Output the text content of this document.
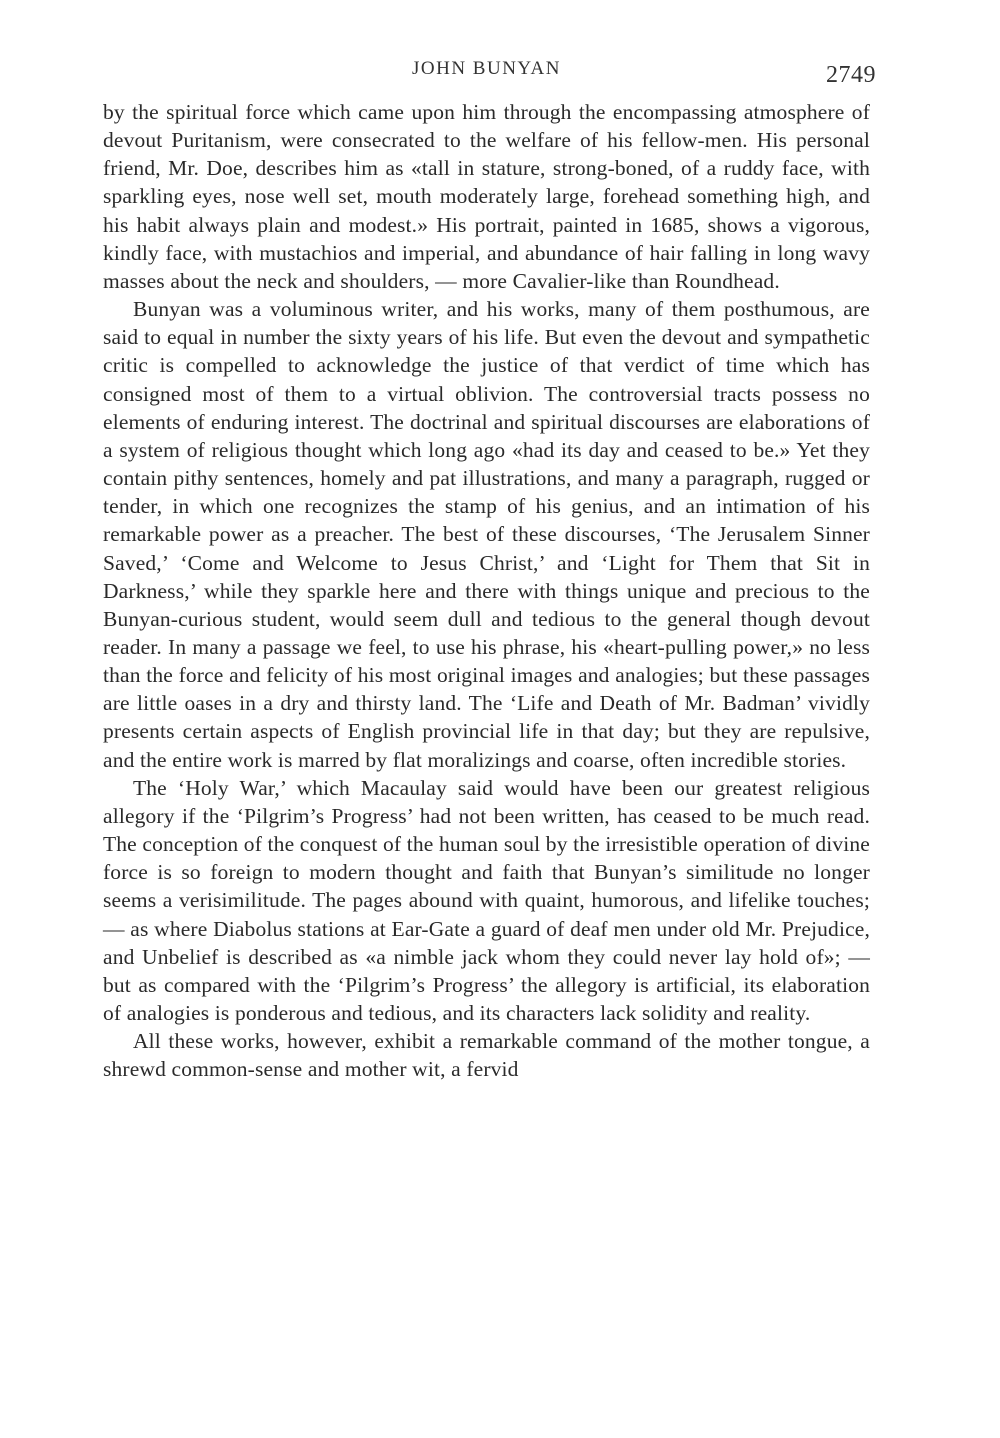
JOHN BUNYAN	2749

by the spiritual force which came upon him through the encompassing atmosphere of devout Puritanism, were consecrated to the welfare of his fellow-men. His personal friend, Mr. Doe, describes him as «tall in stature, strong-boned, of a ruddy face, with sparkling eyes, nose well set, mouth moderately large, forehead something high, and his habit always plain and modest.» His portrait, painted in 1685, shows a vigorous, kindly face, with mustachios and imperial, and abundance of hair falling in long wavy masses about the neck and shoulders, — more Cavalier-like than Roundhead.

Bunyan was a voluminous writer, and his works, many of them posthumous, are said to equal in number the sixty years of his life. But even the devout and sympathetic critic is compelled to acknowledge the justice of that verdict of time which has consigned most of them to a virtual oblivion. The controversial tracts possess no elements of enduring interest. The doctrinal and spiritual discourses are elaborations of a system of religious thought which long ago «had its day and ceased to be.» Yet they contain pithy sentences, homely and pat illustrations, and many a paragraph, rugged or tender, in which one recognizes the stamp of his genius, and an intimation of his remarkable power as a preacher. The best of these discourses, ‘The Jerusalem Sinner Saved,’ ‘Come and Welcome to Jesus Christ,’ and ‘Light for Them that Sit in Darkness,’ while they sparkle here and there with things unique and precious to the Bunyan-curious student, would seem dull and tedious to the general though devout reader. In many a passage we feel, to use his phrase, his «heart-pulling power,» no less than the force and felicity of his most original images and analogies; but these passages are little oases in a dry and thirsty land. The ‘Life and Death of Mr. Badman’ vividly presents certain aspects of English provincial life in that day; but they are repulsive, and the entire work is marred by flat moralizings and coarse, often incredible stories.

The ‘Holy War,’ which Macaulay said would have been our greatest religious allegory if the ‘Pilgrim’s Progress’ had not been written, has ceased to be much read. The conception of the conquest of the human soul by the irresistible operation of divine force is so foreign to modern thought and faith that Bunyan’s similitude no longer seems a verisimilitude. The pages abound with quaint, humorous, and lifelike touches; — as where Diabolus stations at Ear-Gate a guard of deaf men under old Mr. Prejudice, and Unbelief is described as «a nimble jack whom they could never lay hold of»; — but as compared with the ‘Pilgrim’s Progress’ the allegory is artificial, its elaboration of analogies is ponderous and tedious, and its characters lack solidity and reality.

All these works, however, exhibit a remarkable command of the mother tongue, a shrewd common-sense and mother wit, a fervid
